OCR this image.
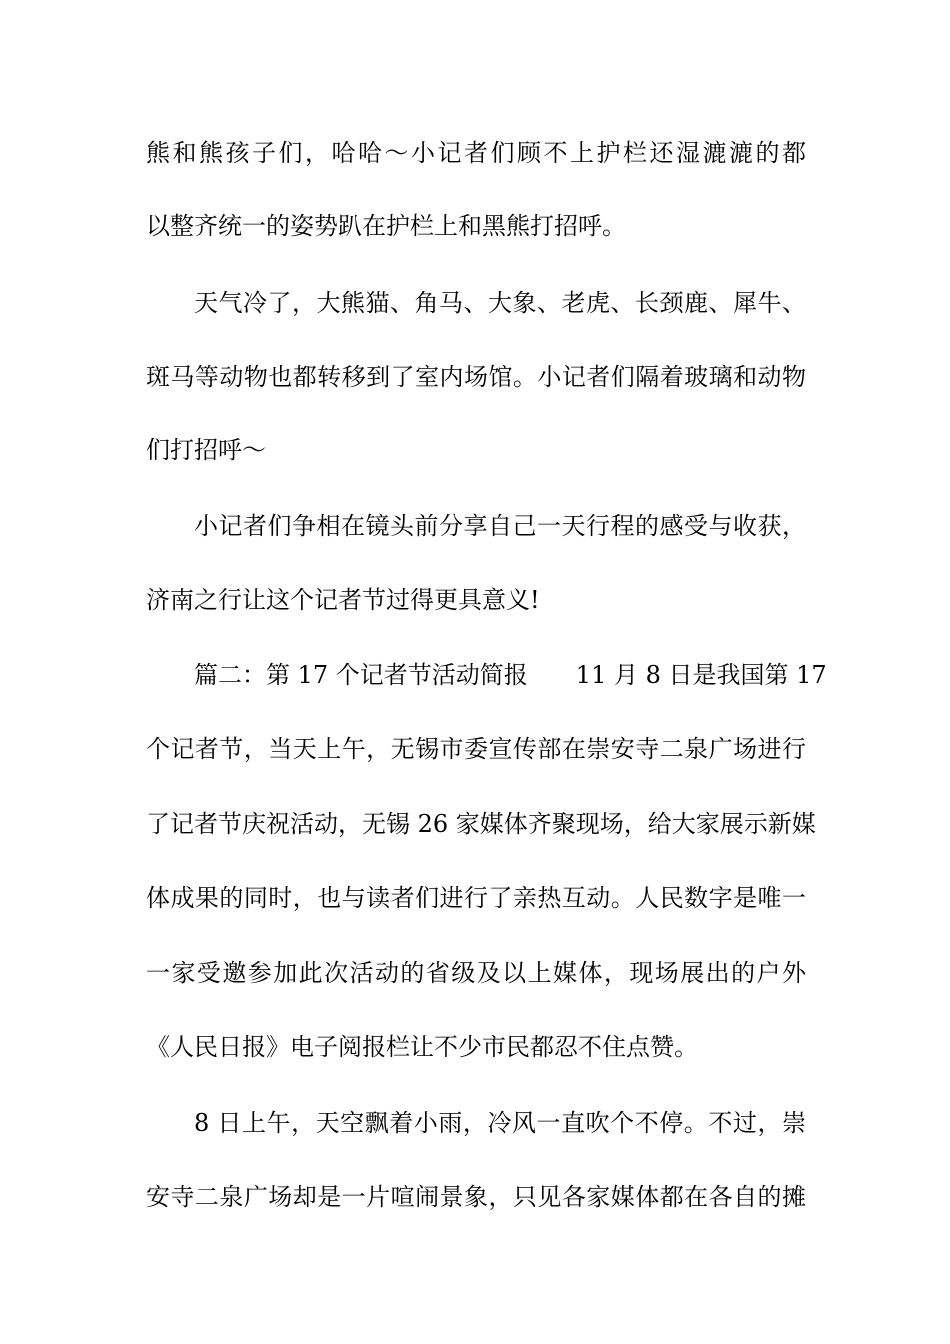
熊和熊孩子们，哈哈～小记者们顾不上护栏还湿漉漉的都
以整齐统一的姿势趴在护栏上和黑熊打招呼。
天气冷了，大熊猫、角马、大象、老虎、长颈鹿、犀牛、
斑马等动物也都转移到了室内场馆。小记者们隔着玻璃和动物
们打招呼～
小记者们争相在镜头前分享自己一天行程的感受与收获，
济南之行让这个记者节过得更具意义!
篇二：第 17 个记者节活动简报　　11 月 8 日是我国第 17
个记者节，当天上午，无锡市委宣传部在崇安寺二泉广场进行
了记者节庆祝活动，无锡 26 家媒体齐聚现场，给大家展示新媒
体成果的同时，也与读者们进行了亲热互动。人民数字是唯一
一家受邀参加此次活动的省级及以上媒体，现场展出的户外
《人民日报》电子阅报栏让不少市民都忍不住点赞。
8 日上午，天空飘着小雨，冷风一直吹个不停。不过，崇
安寺二泉广场却是一片喧闹景象，只见各家媒体都在各自的摊
